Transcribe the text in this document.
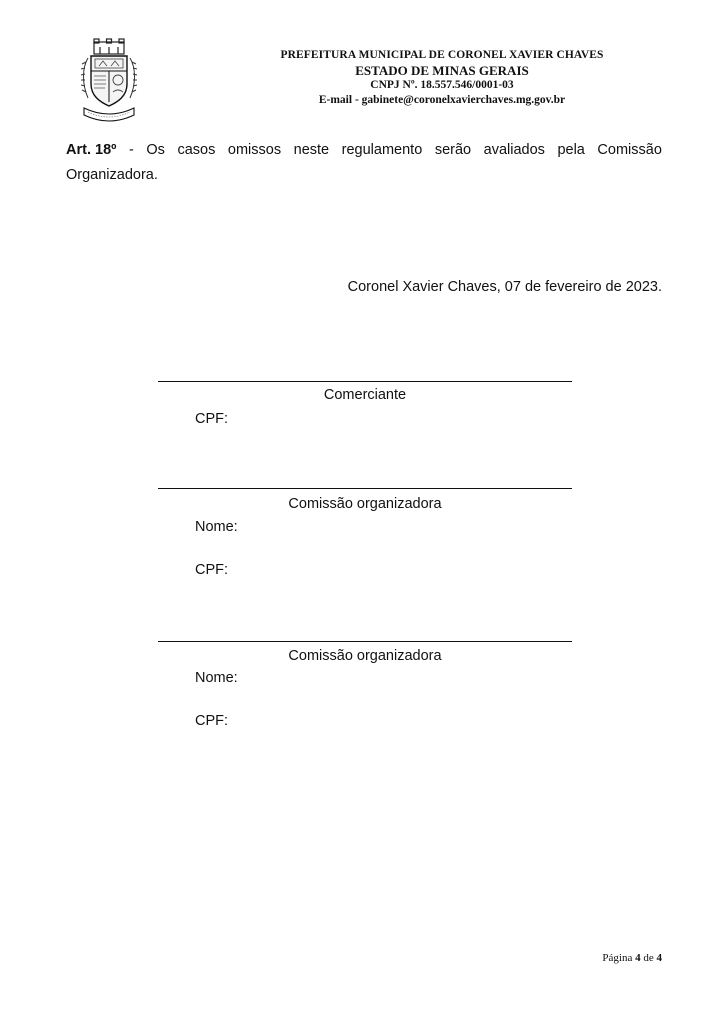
PREFEITURA MUNICIPAL DE CORONEL XAVIER CHAVES
ESTADO DE MINAS GERAIS
CNPJ Nº. 18.557.546/0001-03
E-mail - gabinete@coronelxavierchaves.mg.gov.br
Art. 18º - Os casos omissos neste regulamento serão avaliados pela Comissão
Organizadora.
Coronel Xavier Chaves, 07 de fevereiro de 2023.
Comerciante
CPF:
Comissão organizadora
Nome:
CPF:
Comissão organizadora
Nome:
CPF:
Página 4 de 4
